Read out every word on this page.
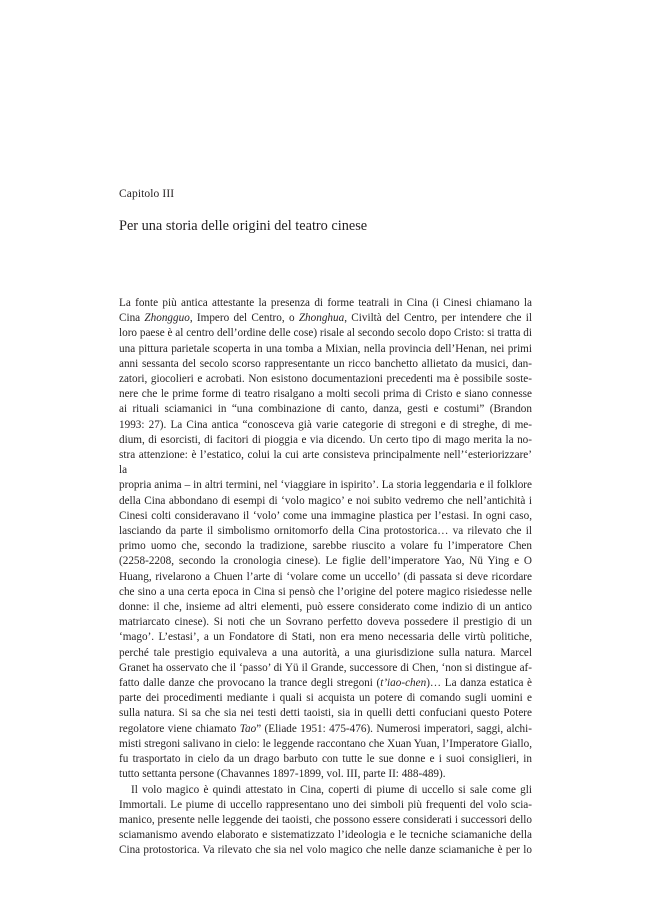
Capitolo III
Per una storia delle origini del teatro cinese

La fonte più antica attestante la presenza di forme teatrali in Cina (i Cinesi chiamano la

Cina Zhongguo, Impero del Centro, o Zhonghua, Civiltà del Centro, per intendere che il

loro paese è al centro dell’ordine delle cose) risale al secondo secolo dopo Cristo: si tratta di

una pittura parietale scoperta in una tomba a Mixian, nella provincia dell’Henan, nei primi

anni sessanta del secolo scorso rappresentante un ricco banchetto allietato da musici, dan-

zatori, giocolieri e acrobati. Non esistono documentazioni precedenti ma è possibile soste-

nere che le prime forme di teatro risalgano a molti secoli prima di Cristo e siano connesse

ai rituali sciamanici in “una combinazione di canto, danza, gesti e costumi” (Brandon

1993: 27). La Cina antica “conosceva già varie categorie di stregoni e di streghe, di me-

dium, di esorcisti, di facitori di pioggia e via dicendo. Un certo tipo di mago merita la no-

stra attenzione: è l’estatico, colui la cui arte consisteva principalmente nell’‘esteriorizzare’ la

propria anima – in altri termini, nel ‘viaggiare in ispirito’. La storia leggendaria e il folklore

della Cina abbondano di esempi di ‘volo magico’ e noi subito vedremo che nell’antichità i

Cinesi colti consideravano il ‘volo’ come una immagine plastica per l’estasi. In ogni caso,

lasciando da parte il simbolismo ornitomorfo della Cina protostorica… va rilevato che il

primo uomo che, secondo la tradizione, sarebbe riuscito a volare fu l’imperatore Chen

(2258-2208, secondo la cronologia cinese). Le figlie dell’imperatore Yao, Nü Ying e O

Huang, rivelarono a Chuen l’arte di ‘volare come un uccello’ (di passata si deve ricordare

che sino a una certa epoca in Cina si pensò che l’origine del potere magico risiedesse nelle

donne: il che, insieme ad altri elementi, può essere considerato come indizio di un antico

matriarcato cinese). Si noti che un Sovrano perfetto doveva possedere il prestigio di un

‘mago’. L’estasi’, a un Fondatore di Stati, non era meno necessaria delle virtù politiche,

perché tale prestigio equivaleva a una autorità, a una giurisdizione sulla natura. Marcel

Granet ha osservato che il ‘passo’ di Yü il Grande, successore di Chen, ‘non si distingue af-

fatto dalle danze che provocano la trance degli stregoni (t’iao-chen)… La danza estatica è

parte dei procedimenti mediante i quali si acquista un potere di comando sugli uomini e

sulla natura. Si sa che sia nei testi detti taoisti, sia in quelli detti confuciani questo Potere

regolatore viene chiamato Tao” (Eliade 1951: 475-476). Numerosi imperatori, saggi, alchi-

misti stregoni salivano in cielo: le leggende raccontano che Xuan Yuan, l’Imperatore Giallo,

fu trasportato in cielo da un drago barbuto con tutte le sue donne e i suoi consiglieri, in

tutto settanta persone (Chavannes 1897-1899, vol. III, parte II: 488-489).

Il volo magico è quindi attestato in Cina, coperti di piume di uccello si sale come gli

Immortali. Le piume di uccello rappresentano uno dei simboli più frequenti del volo scia-

manico, presente nelle leggende dei taoisti, che possono essere considerati i successori dello

sciamanismo avendo elaborato e sistematizzato l’ideologia e le tecniche sciamaniche della

Cina protostorica. Va rilevato che sia nel volo magico che nelle danze sciamaniche è per lo
